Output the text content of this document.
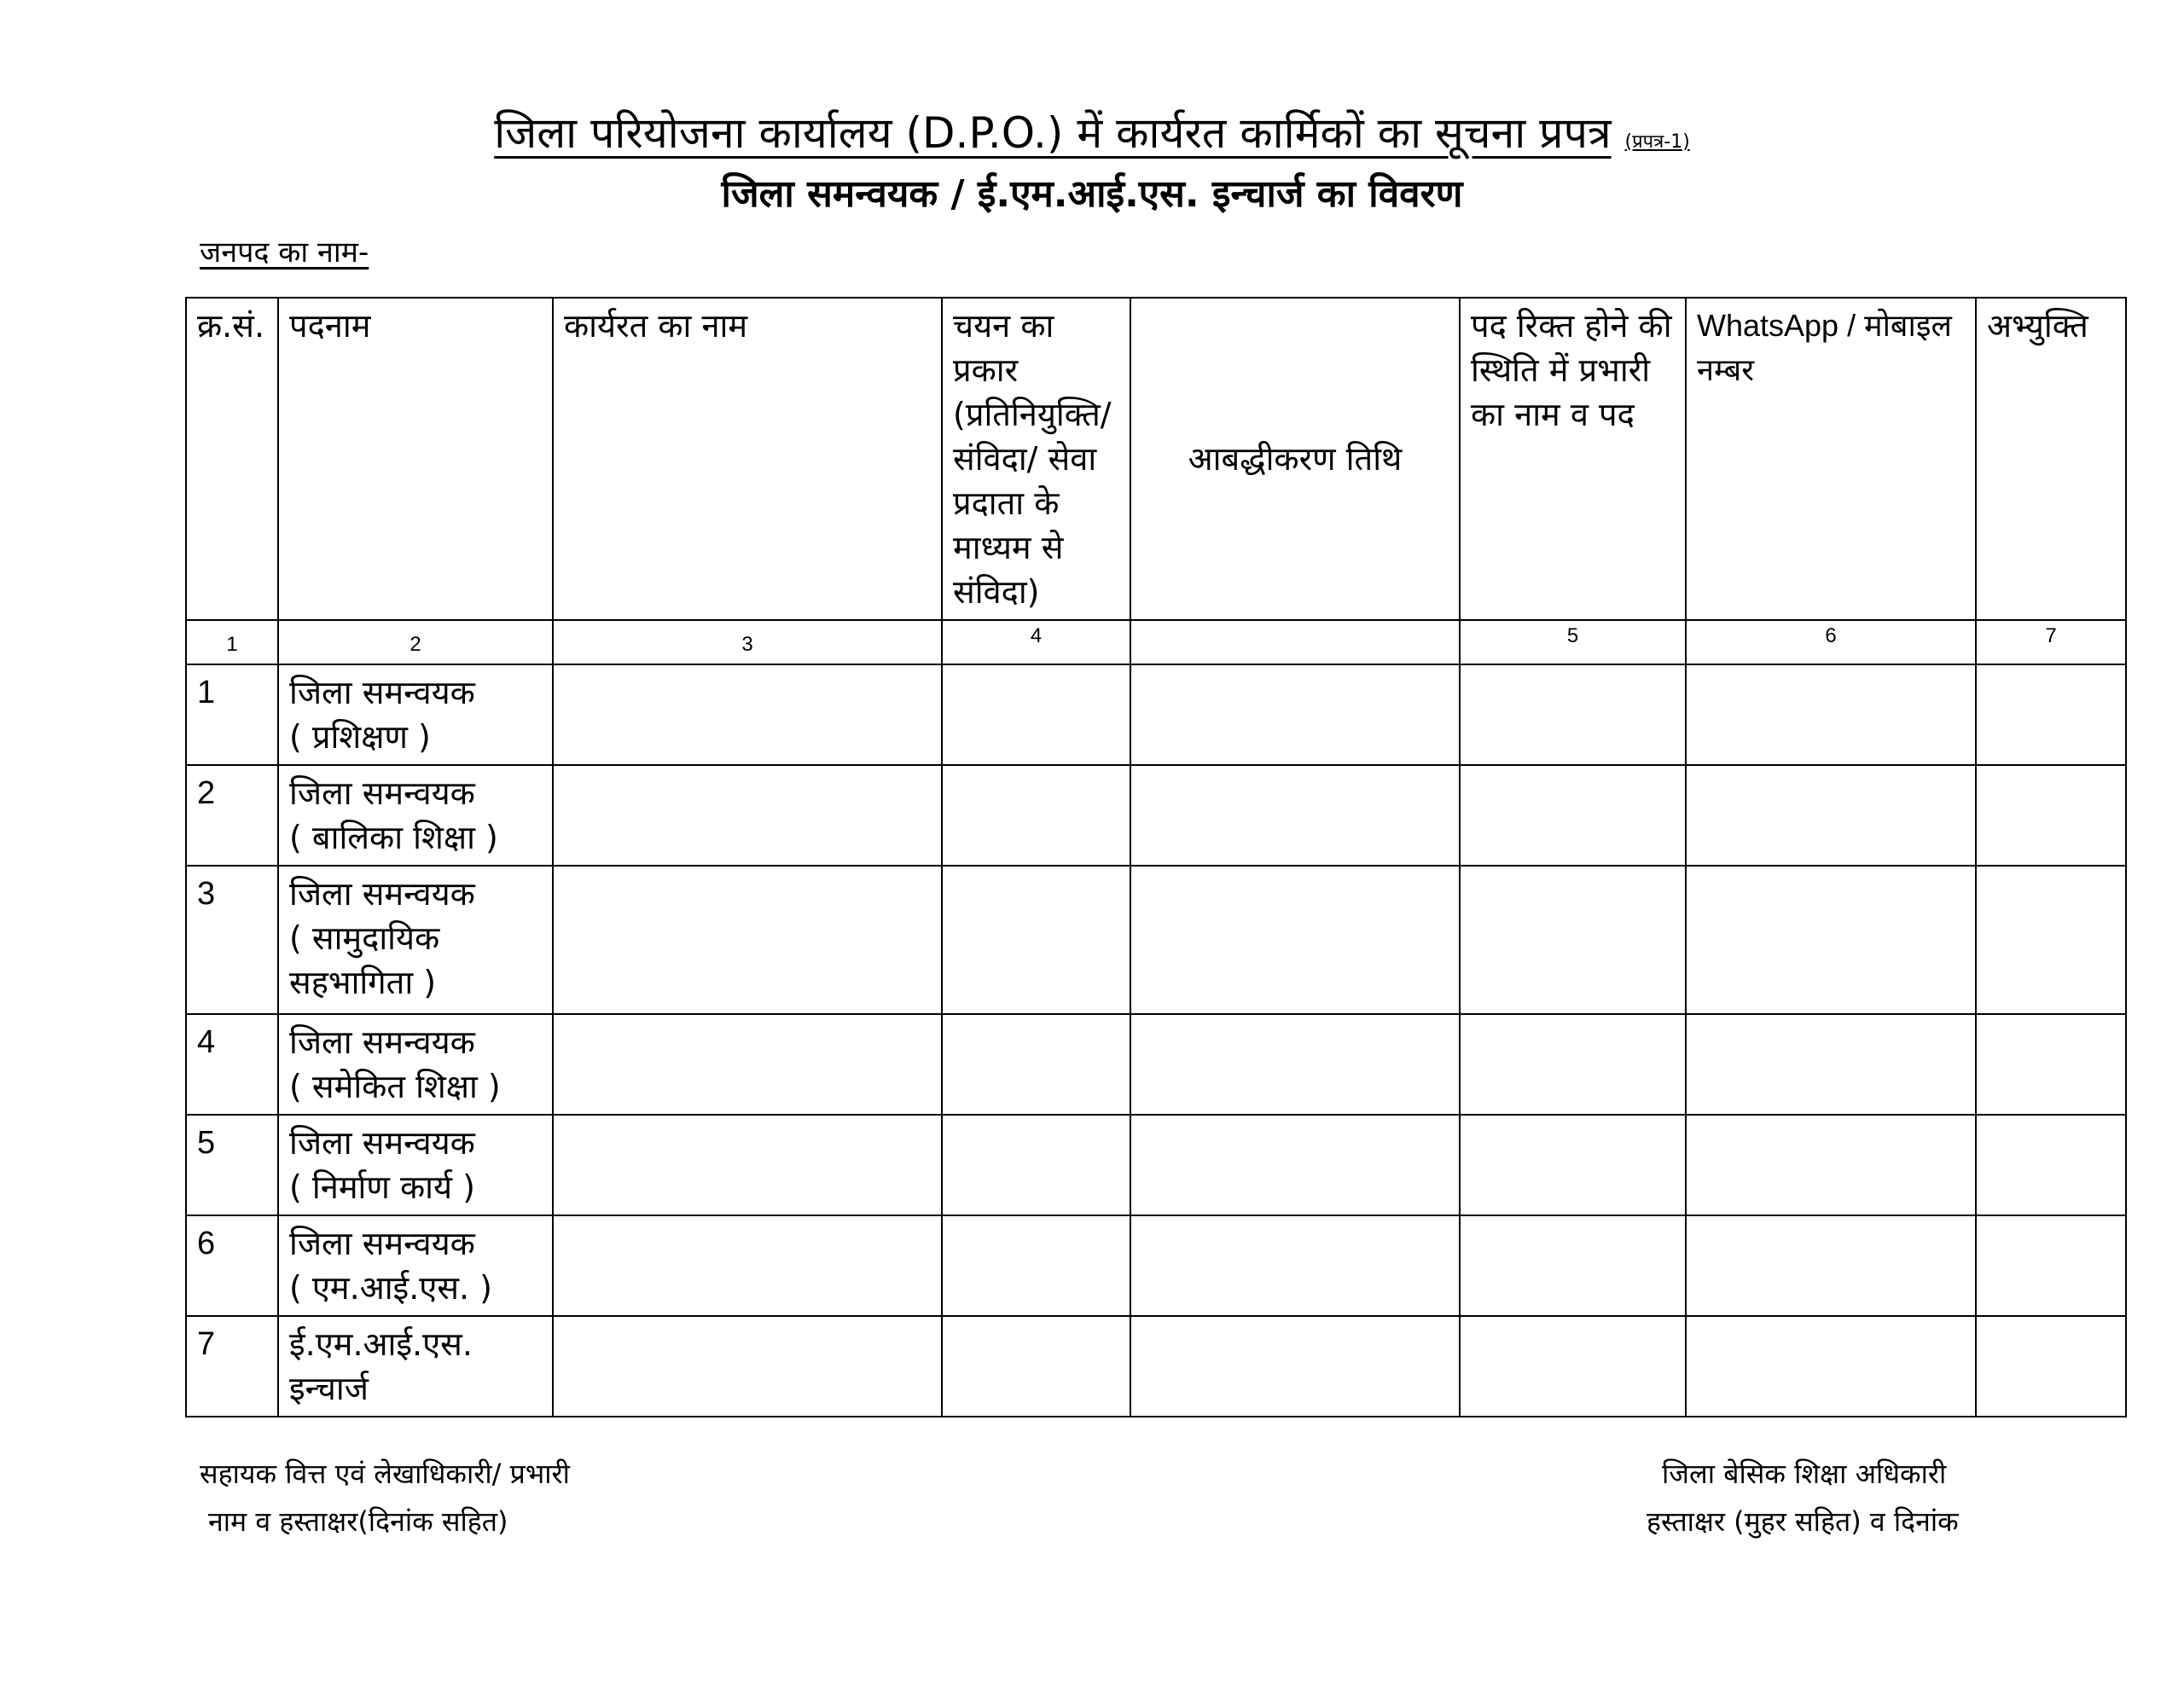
जिला परियोजना कार्यालय (D.P.O.) में कार्यरत कार्मिकों का सूचना प्रपत्र (प्रपत्र-1)
जिला समन्वयक / ई.एम.आई.एस. इन्चार्ज का विवरण
जनपद का नाम-
क्र.सं.	पदनाम	कार्यरत का नाम	चयन का प्रकार (प्रतिनियुक्ति/ संविदा/ सेवा प्रदाता के माध्यम से संविदा)	आबद्धीकरण तिथि	पद रिक्त होने की स्थिति में प्रभारी का नाम व पद	WhatsApp / मोबाइल नम्बर	अभ्युक्ति
1	2	3	4		5	6	7
1	जिला समन्वयक
( प्रशिक्षण )						

2	जिला समन्वयक
( बालिका शिक्षा )						

3	जिला समन्वयक
( सामुदायिक सहभागिता )						

4	जिला समन्वयक
( समेकित शिक्षा )						

5	जिला समन्वयक
( निर्माण कार्य )						

6	जिला समन्वयक
( एम.आई.एस. )						

7	ई.एम.आई.एस.
इन्चार्ज						

सहायक वित्त एवं लेखाधिकारी/ प्रभारी
नाम व हस्ताक्षर(दिनांक सहित)
जिला बेसिक शिक्षा अधिकारी
हस्ताक्षर (मुहर सहित) व दिनांक
